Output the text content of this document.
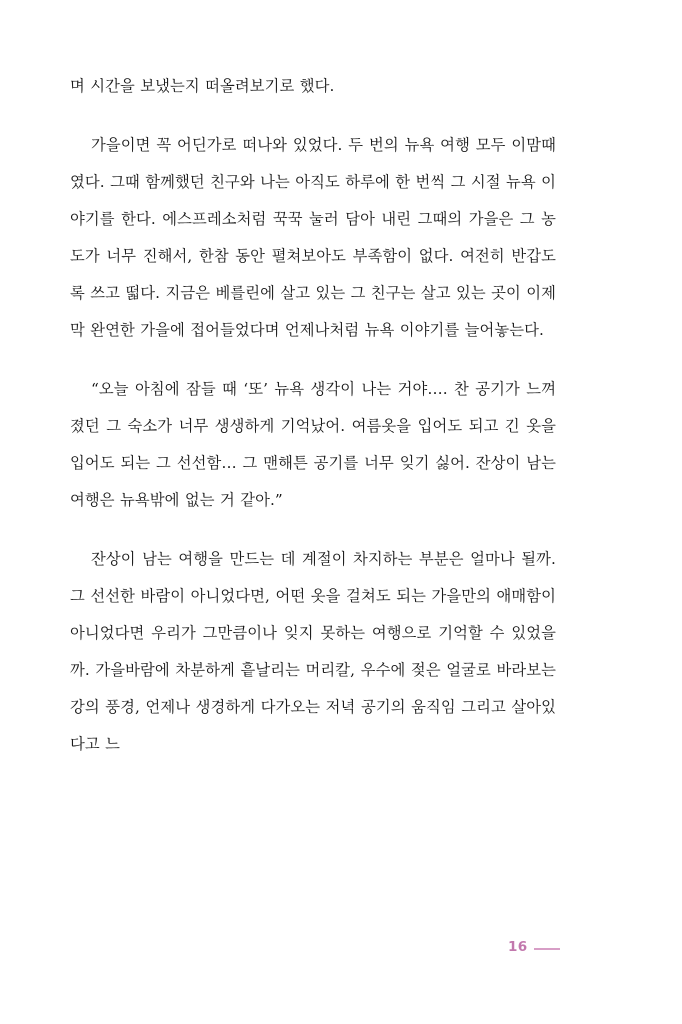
며 시간을 보냈는지 떠올려보기로 했다.

가을이면 꼭 어딘가로 떠나와 있었다. 두 번의 뉴욕 여행 모두 이맘때였다. 그때 함께했던 친구와 나는 아직도 하루에 한 번씩 그 시절 뉴욕 이야기를 한다. 에스프레소처럼 꾹꾹 눌러 담아 내린 그때의 가을은 그 농도가 너무 진해서, 한참 동안 펼쳐보아도 부족함이 없다. 여전히 반갑도록 쓰고 떫다. 지금은 베를린에 살고 있는 그 친구는 살고 있는 곳이 이제 막 완연한 가을에 접어들었다며 언제나처럼 뉴욕 이야기를 늘어놓는다.

“오늘 아침에 잠들 때 ‘또’ 뉴욕 생각이 나는 거야…. 찬 공기가 느껴졌던 그 숙소가 너무 생생하게 기억났어. 여름옷을 입어도 되고 긴 옷을 입어도 되는 그 선선함… 그 맨해튼 공기를 너무 잊기 싫어. 잔상이 남는 여행은 뉴욕밖에 없는 거 같아.”

잔상이 남는 여행을 만드는 데 계절이 차지하는 부분은 얼마나 될까. 그 선선한 바람이 아니었다면, 어떤 옷을 걸쳐도 되는 가을만의 애매함이 아니었다면 우리가 그만큼이나 잊지 못하는 여행으로 기억할 수 있었을까. 가을바람에 차분하게 흩날리는 머리칼, 우수에 젖은 얼굴로 바라보는 강의 풍경, 언제나 생경하게 다가오는 저녁 공기의 움직임 그리고 살아있다고 느

16
